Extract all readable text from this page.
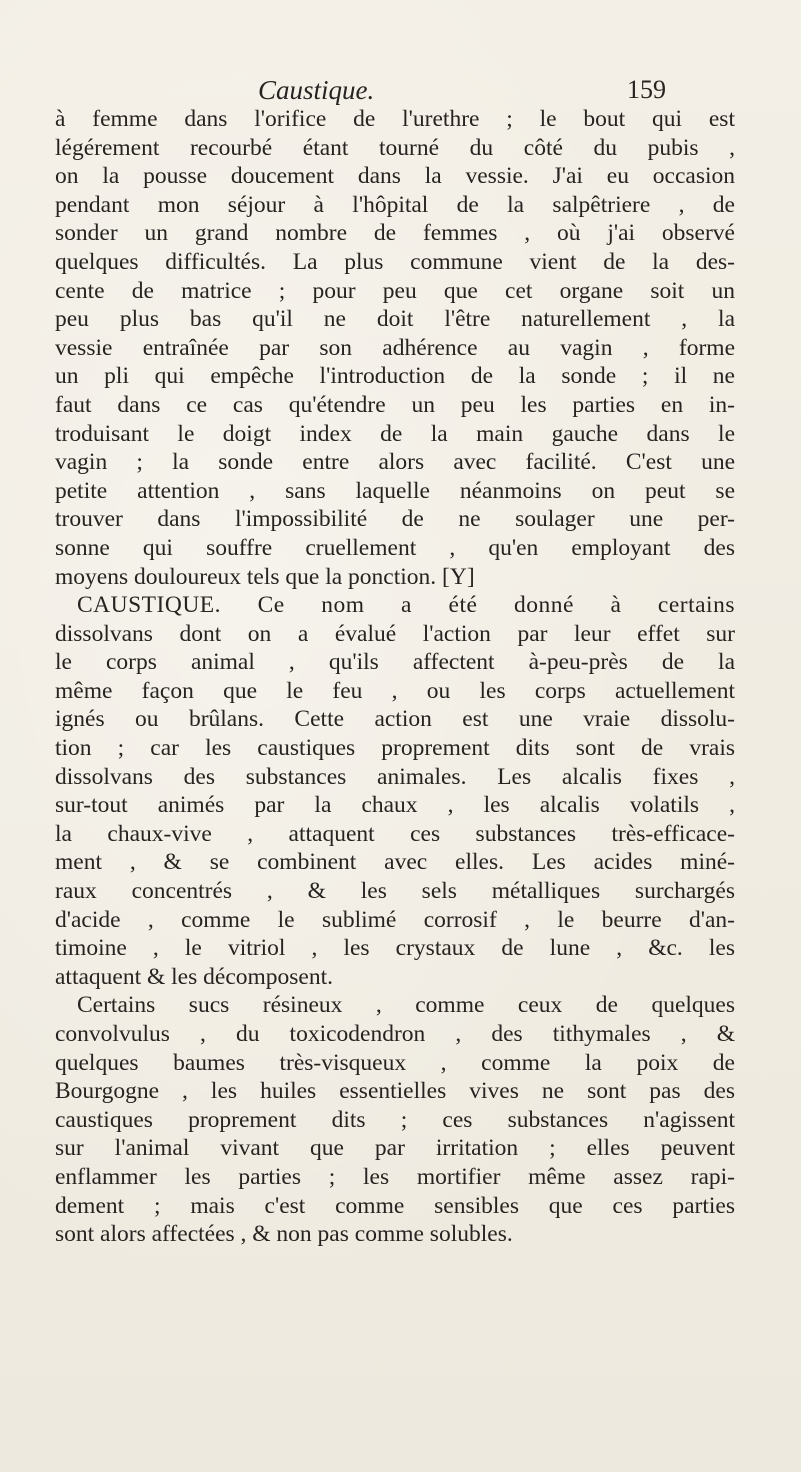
Caustique.	159
à femme dans l'orifice de l'urethre ; le bout qui est
légérement recourbé étant tourné du côté du pubis ,
on la pousse doucement dans la vessie. J'ai eu occasion
pendant mon séjour à l'hôpital de la salpêtriere , de
sonder un grand nombre de femmes , où j'ai observé
quelques difficultés. La plus commune vient de la des-
cente de matrice ; pour peu que cet organe soit un
peu plus bas qu'il ne doit l'être naturellement , la
vessie entraînée par son adhérence au vagin , forme
un pli qui empêche l'introduction de la sonde ; il ne
faut dans ce cas qu'étendre un peu les parties en in-
troduisant le doigt index de la main gauche dans le
vagin ; la sonde entre alors avec facilité. C'est une
petite attention , sans laquelle néanmoins on peut se
trouver dans l'impossibilité de ne soulager une per-
sonne qui souffre cruellement , qu'en employant des
moyens douloureux tels que la ponction. [Y]
CAUSTIQUE. Ce nom a été donné à certains
dissolvans dont on a évalué l'action par leur effet sur
le corps animal , qu'ils affectent à-peu-près de la
même façon que le feu , ou les corps actuellement
ignés ou brûlans. Cette action est une vraie dissolu-
tion ; car les caustiques proprement dits sont de vrais
dissolvans des substances animales. Les alcalis fixes ,
sur-tout animés par la chaux , les alcalis volatils ,
la chaux-vive , attaquent ces substances très-efficace-
ment , & se combinent avec elles. Les acides miné-
raux concentrés , & les sels métalliques surchargés
d'acide , comme le sublimé corrosif , le beurre d'an-
timoine , le vitriol , les crystaux de lune , &c. les
attaquent & les décomposent.
Certains sucs résineux , comme ceux de quelques
convolvulus , du toxicodendron , des tithymales , &
quelques baumes très-visqueux , comme la poix de
Bourgogne , les huiles essentielles vives ne sont pas des
caustiques proprement dits ; ces substances n'agissent
sur l'animal vivant que par irritation ; elles peuvent
enflammer les parties ; les mortifier même assez rapi-
dement ; mais c'est comme sensibles que ces parties
sont alors affectées , & non pas comme solubles.
